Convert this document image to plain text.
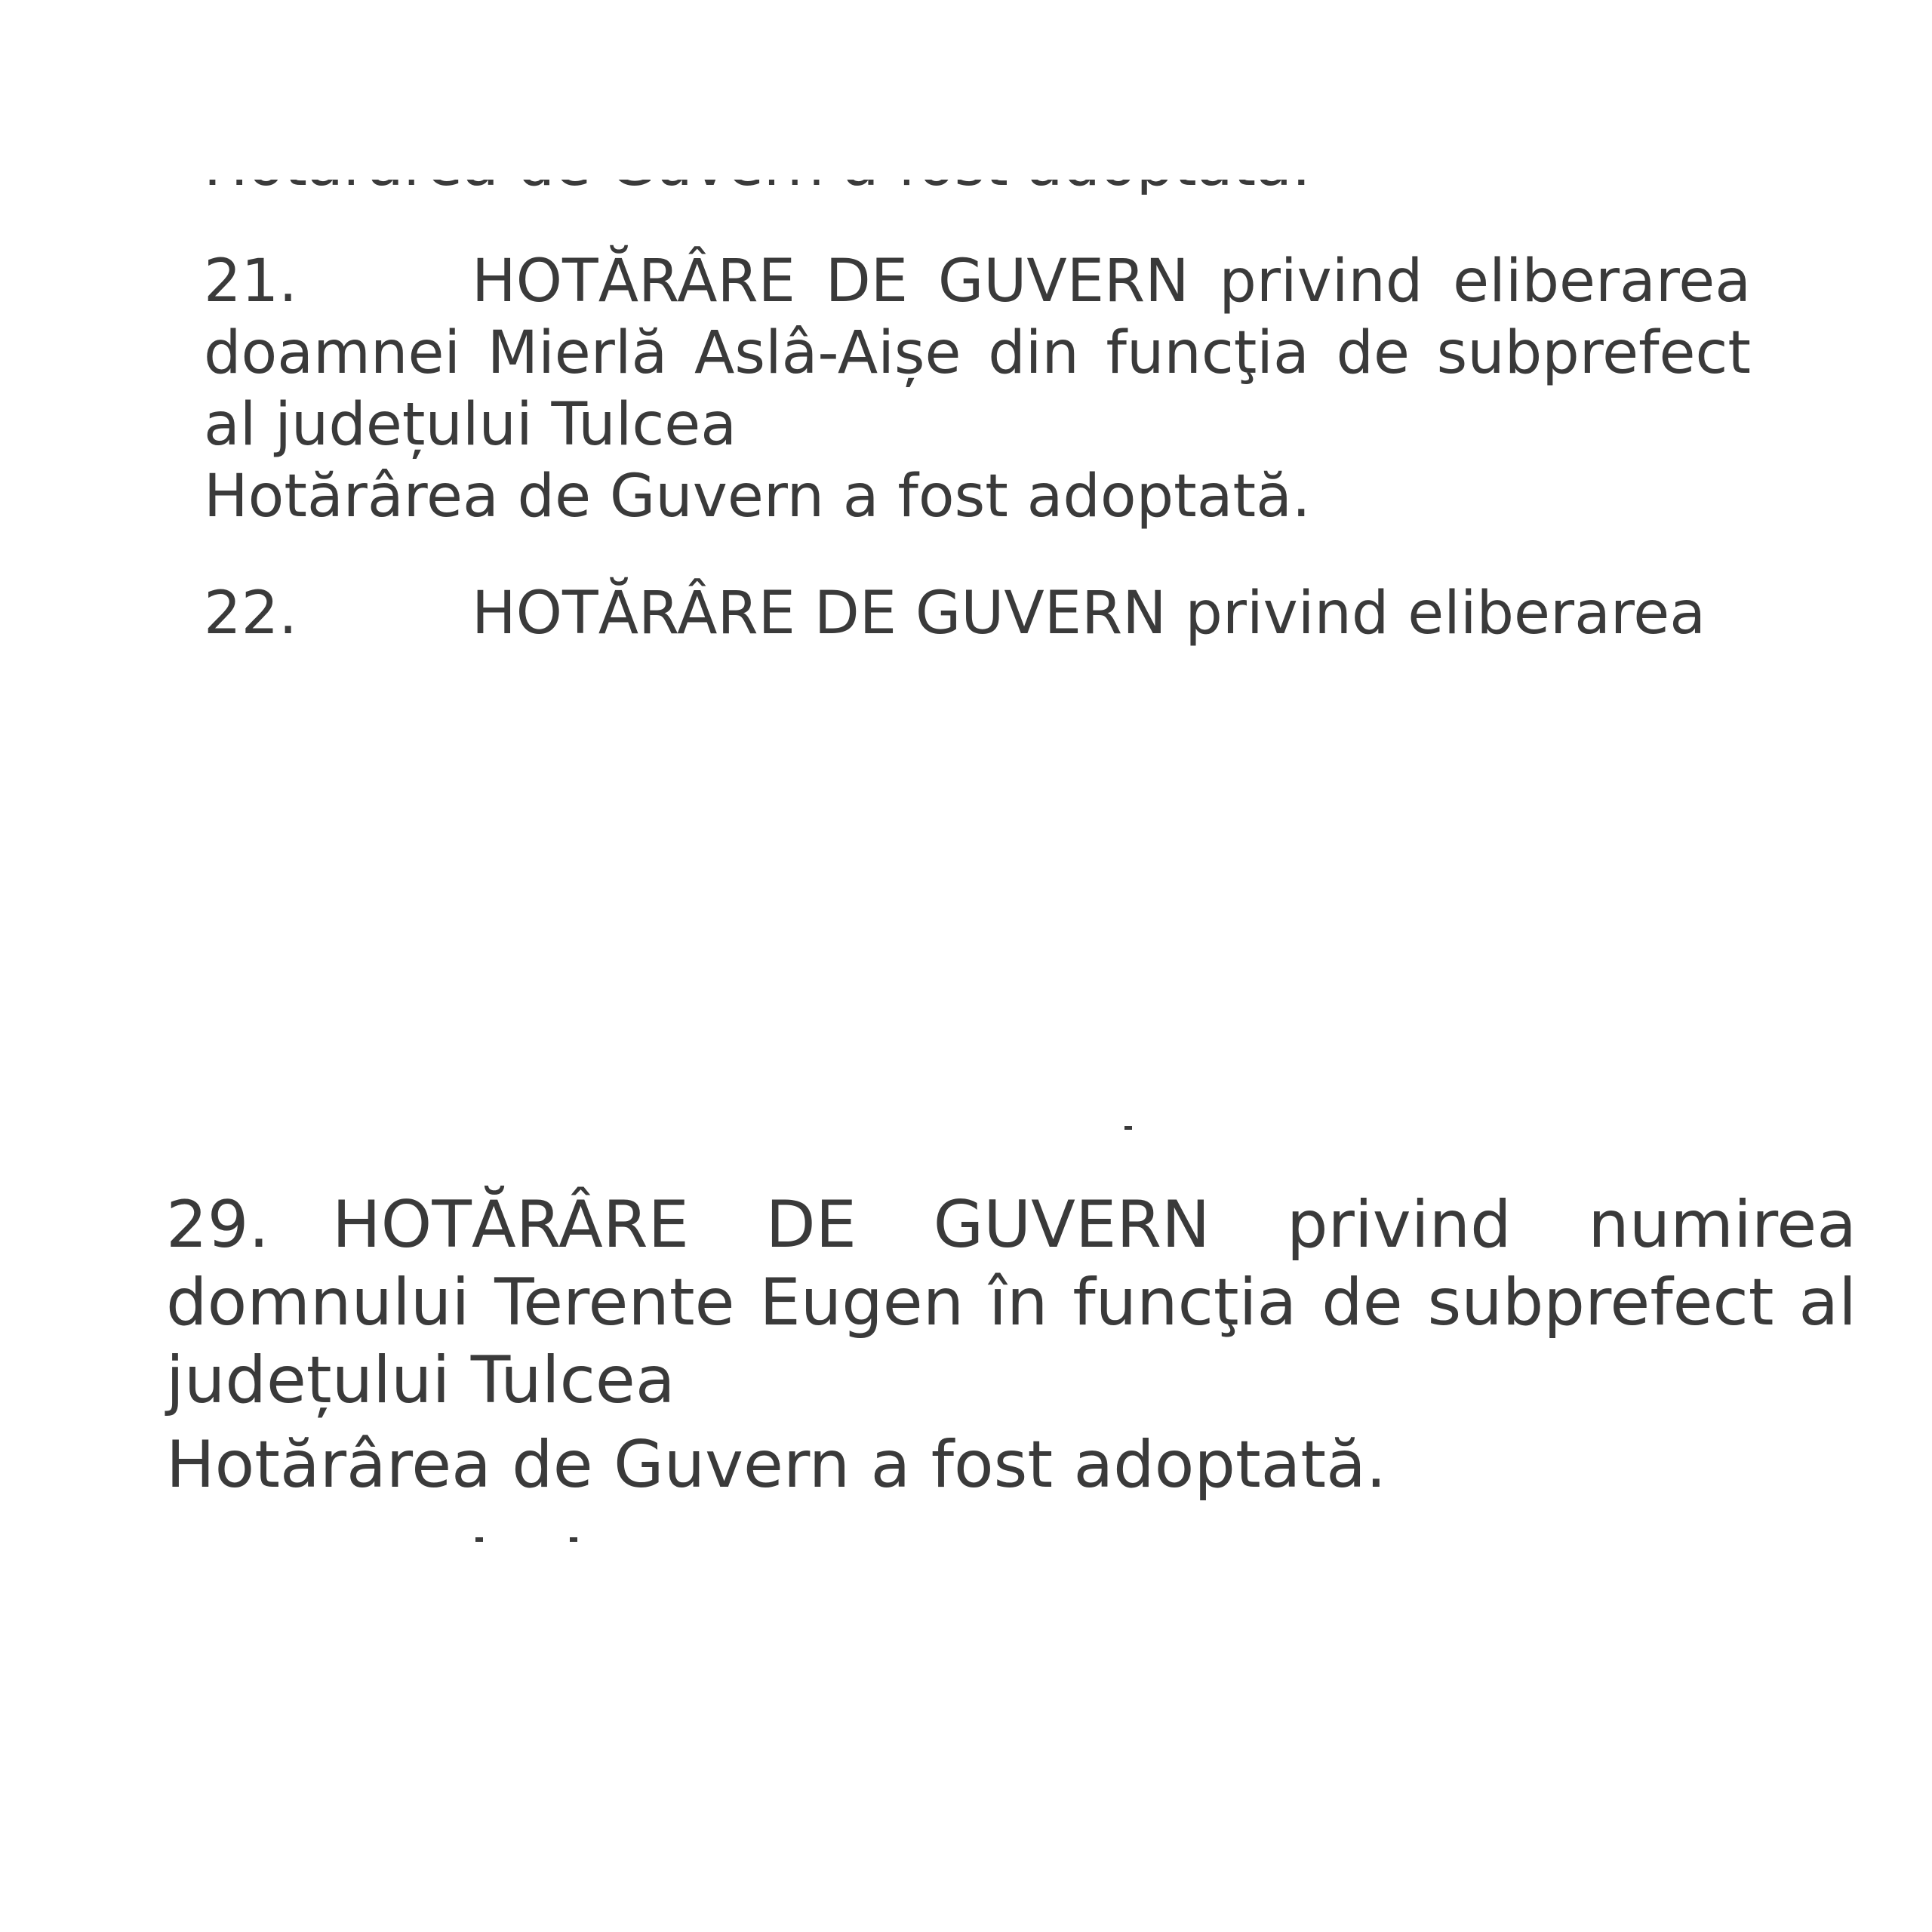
21.	HOTĂRÂRE DE GUVERN privind eliberarea doamnei Mierlă Aslâ-Aișe din funcţia de subprefect al județului Tulcea

Hotărârea de Guvern a fost adoptată.

22.	HOTĂRÂRE DE GUVERN privind eliberarea

29. HOTĂRÂRE DE GUVERN privind numirea domnului Terente Eugen în funcţia de subprefect al județului Tulcea

Hotărârea de Guvern a fost adoptată.
